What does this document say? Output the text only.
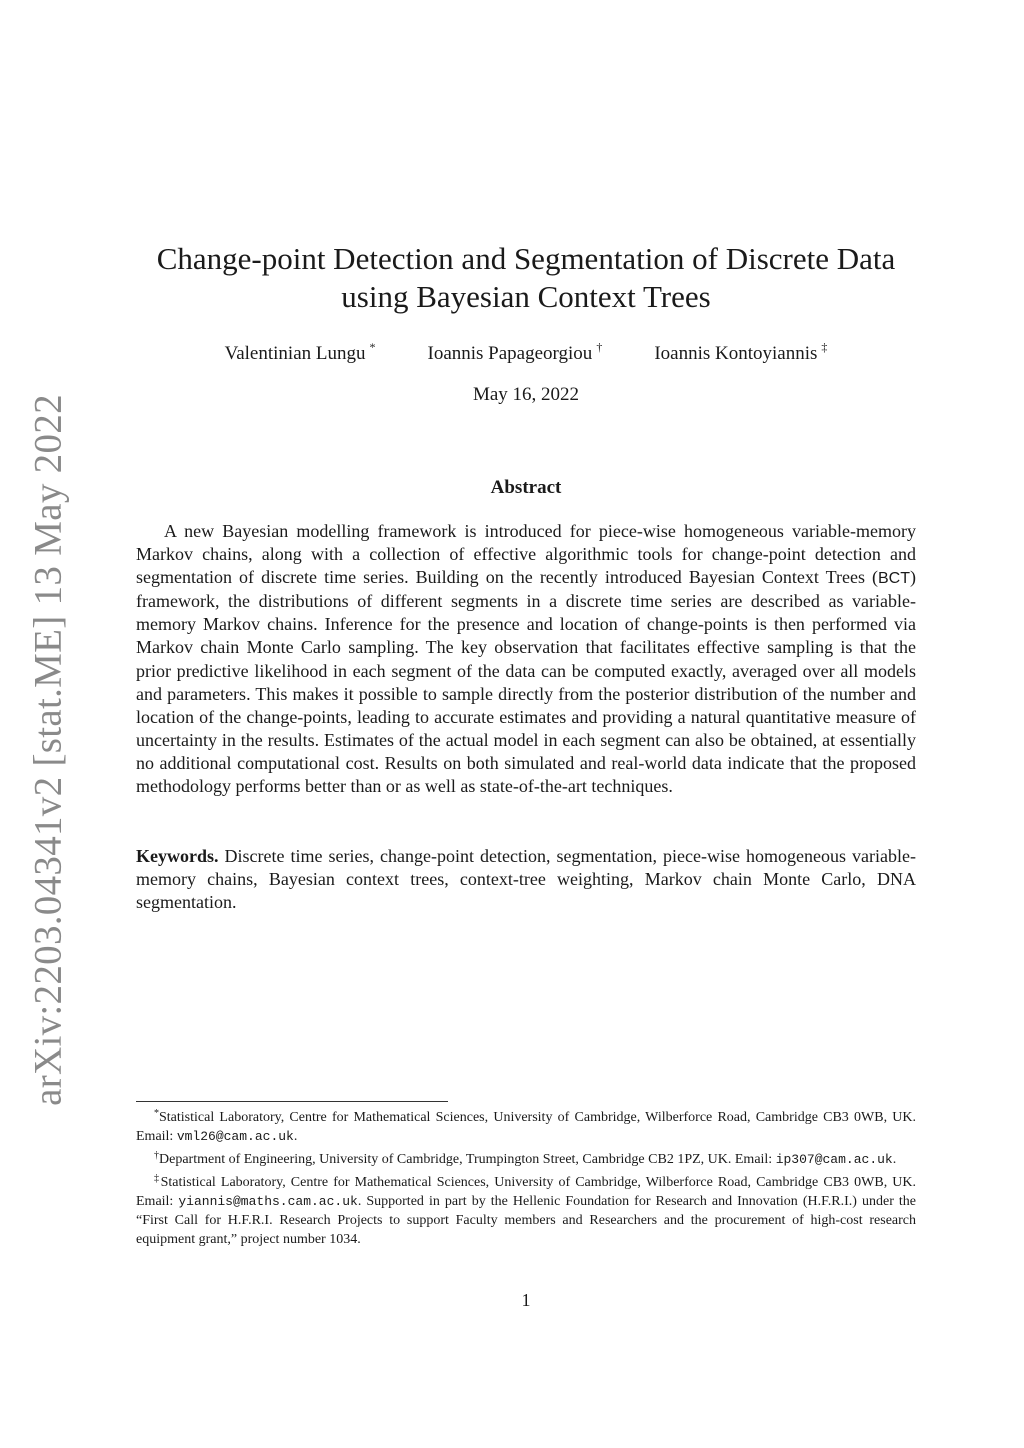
arXiv:2203.04341v2 [stat.ME] 13 May 2022
Change-point Detection and Segmentation of Discrete Data
using Bayesian Context Trees
Valentinian Lungu *	Ioannis Papageorgiou †	Ioannis Kontoyiannis ‡
May 16, 2022
Abstract

A new Bayesian modelling framework is introduced for piece-wise homogeneous variable-memory Markov chains, along with a collection of effective algorithmic tools for change-point detection and segmentation of discrete time series. Building on the recently introduced Bayesian Context Trees (BCT) framework, the distributions of different segments in a discrete time series are described as variable-memory Markov chains. Inference for the presence and location of change-points is then performed via Markov chain Monte Carlo sampling. The key observation that facilitates effective sampling is that the prior predictive likelihood in each segment of the data can be computed exactly, averaged over all models and parameters. This makes it possible to sample directly from the posterior distribution of the number and location of the change-points, leading to accurate estimates and providing a natural quantitative measure of uncertainty in the results. Estimates of the actual model in each segment can also be obtained, at essentially no additional computational cost. Results on both simulated and real-world data indicate that the proposed methodology performs better than or as well as state-of-the-art techniques.

Keywords. Discrete time series, change-point detection, segmentation, piece-wise homogeneous variable-memory chains, Bayesian context trees, context-tree weighting, Markov chain Monte Carlo, DNA segmentation.

*Statistical Laboratory, Centre for Mathematical Sciences, University of Cambridge, Wilberforce Road, Cambridge CB3 0WB, UK. Email: vml26@cam.ac.uk.

†Department of Engineering, University of Cambridge, Trumpington Street, Cambridge CB2 1PZ, UK. Email: ip307@cam.ac.uk.

‡Statistical Laboratory, Centre for Mathematical Sciences, University of Cambridge, Wilberforce Road, Cambridge CB3 0WB, UK. Email: yiannis@maths.cam.ac.uk. Supported in part by the Hellenic Foundation for Research and Innovation (H.F.R.I.) under the “First Call for H.F.R.I. Research Projects to support Faculty members and Researchers and the procurement of high-cost research equipment grant,” project number 1034.

1
